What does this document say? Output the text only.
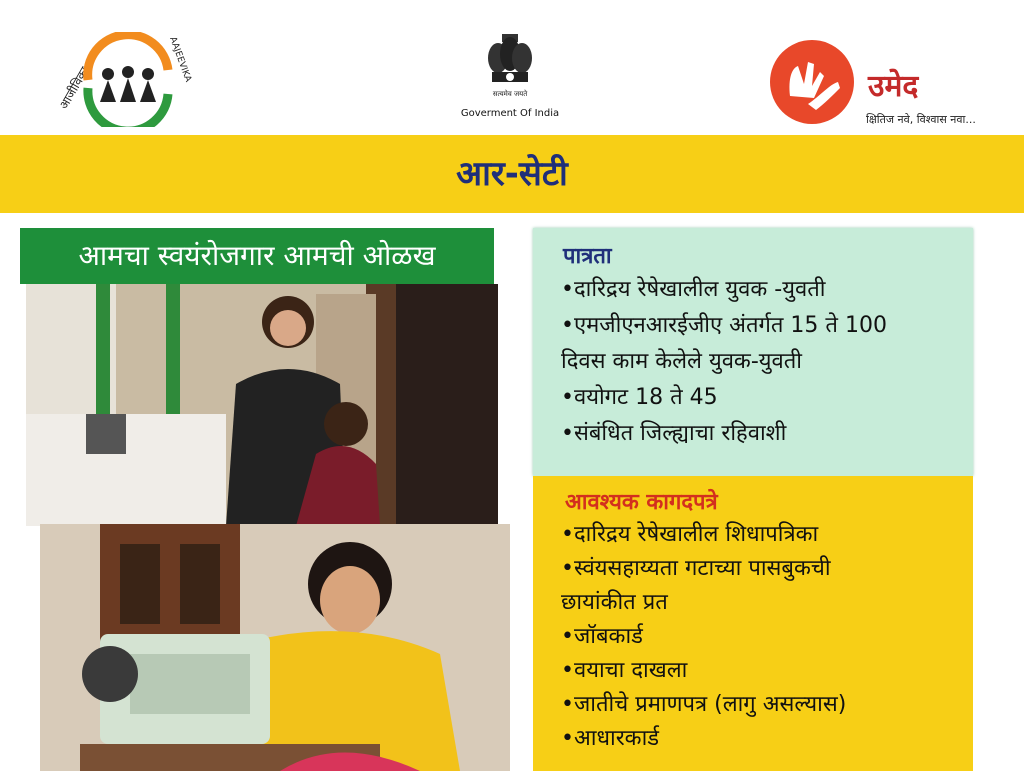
आजीविका
AAJEEVIKA
सत्यमेव जयते
Goverment Of India
उमेद
क्षितिज नवे, विश्वास नवा...
आर-सेटी
आमचा स्वयंरोजगार आमची ओळख	पात्रता
•दारिद्रय रेषेखालील युवक -युवती
•एमजीएनआरईजीए अंतर्गत 15 ते 100
दिवस काम केलेले युवक-युवती
•वयोगट 18 ते 45
•संबंधित जिल्ह्याचा रहिवाशी
आवश्यक कागदपत्रे
•दारिद्रय रेषेखालील शिधापत्रिका
•स्वंयसहाय्यता गटाच्या पासबुकची
छायांकीत प्रत
•जॉबकार्ड
•वयाचा दाखला
•जातीचे प्रमाणपत्र (लागु असल्यास)
•आधारकार्ड
